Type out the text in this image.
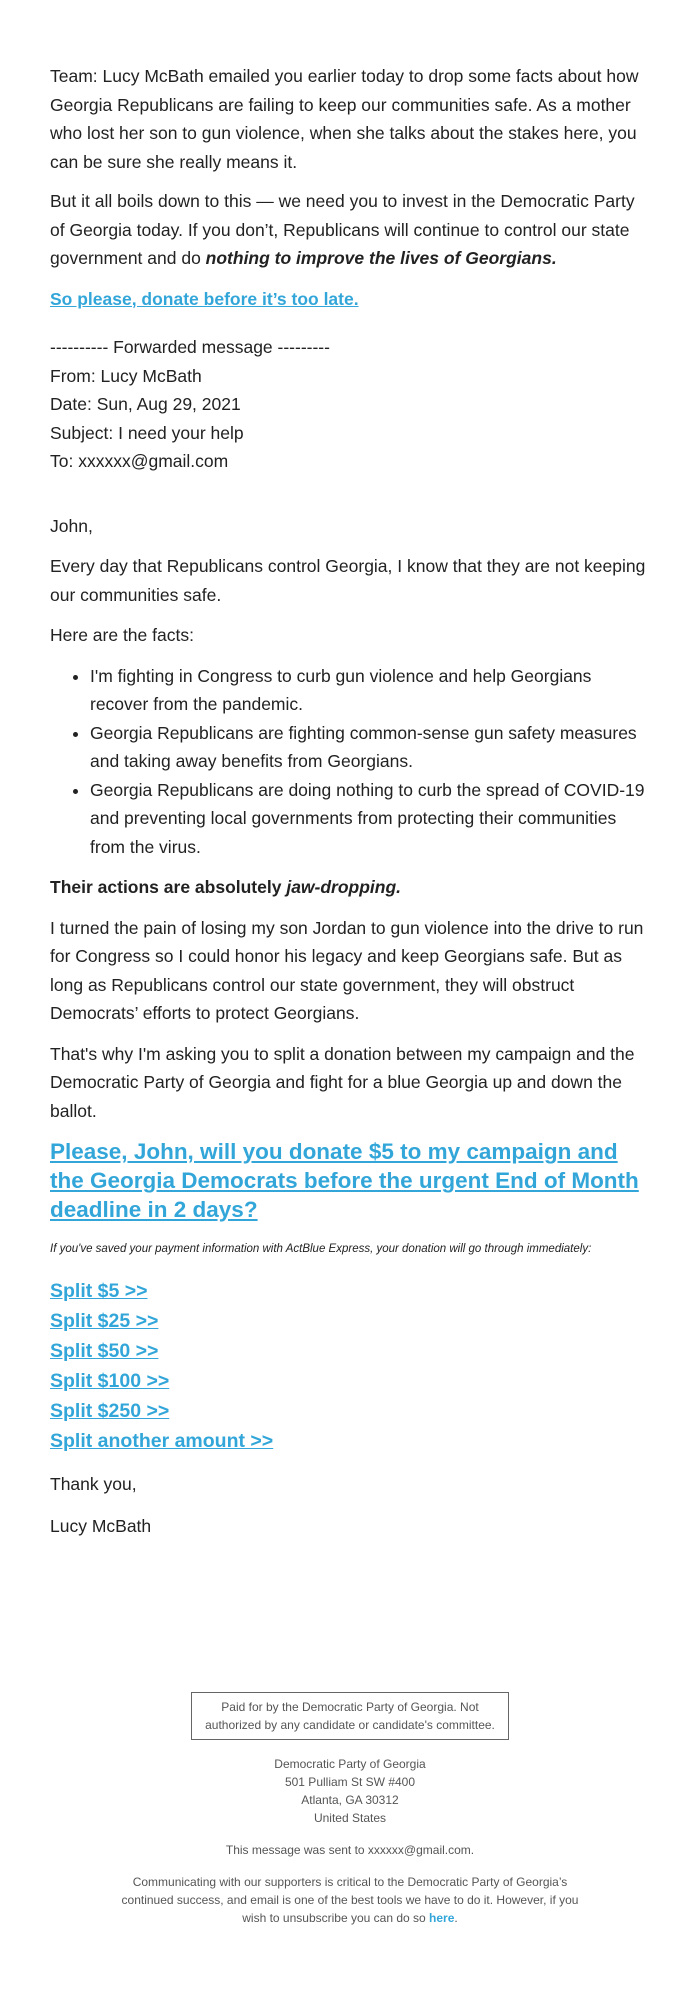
Team: Lucy McBath emailed you earlier today to drop some facts about how Georgia Republicans are failing to keep our communities safe. As a mother who lost her son to gun violence, when she talks about the stakes here, you can be sure she really means it.

But it all boils down to this — we need you to invest in the Democratic Party of Georgia today. If you don’t, Republicans will continue to control our state government and do nothing to improve the lives of Georgians.

So please, donate before it’s too late.
---------- Forwarded message ---------
From: Lucy McBath
Date: Sun, Aug 29, 2021
Subject: I need your help
To: xxxxxx@gmail.com

John,

Every day that Republicans control Georgia, I know that they are not keeping our communities safe.

Here are the facts:

• I'm fighting in Congress to curb gun violence and help Georgians recover from the pandemic.
• Georgia Republicans are fighting common-sense gun safety measures and taking away benefits from Georgians.
• Georgia Republicans are doing nothing to curb the spread of COVID-19 and preventing local governments from protecting their communities from the virus.

Their actions are absolutely jaw-dropping.

I turned the pain of losing my son Jordan to gun violence into the drive to run for Congress so I could honor his legacy and keep Georgians safe. But as long as Republicans control our state government, they will obstruct Democrats’ efforts to protect Georgians.

That's why I'm asking you to split a donation between my campaign and the Democratic Party of Georgia and fight for a blue Georgia up and down the ballot.

Please, John, will you donate $5 to my campaign and the Georgia Democrats before the urgent End of Month deadline in 2 days?

If you've saved your payment information with ActBlue Express, your donation will go through immediately:

Split $5 >>
Split $25 >>
Split $50 >>
Split $100 >>
Split $250 >>
Split another amount >>

Thank you,

Lucy McBath

Paid for by the Democratic Party of Georgia. Not authorized by any candidate or candidate's committee.

Democratic Party of Georgia

501 Pulliam St SW #400

Atlanta, GA 30312

United States

This message was sent to xxxxxx@gmail.com.

Communicating with our supporters is critical to the Democratic Party of Georgia’s continued success, and email is one of the best tools we have to do it. However, if you wish to unsubscribe you can do so here.
